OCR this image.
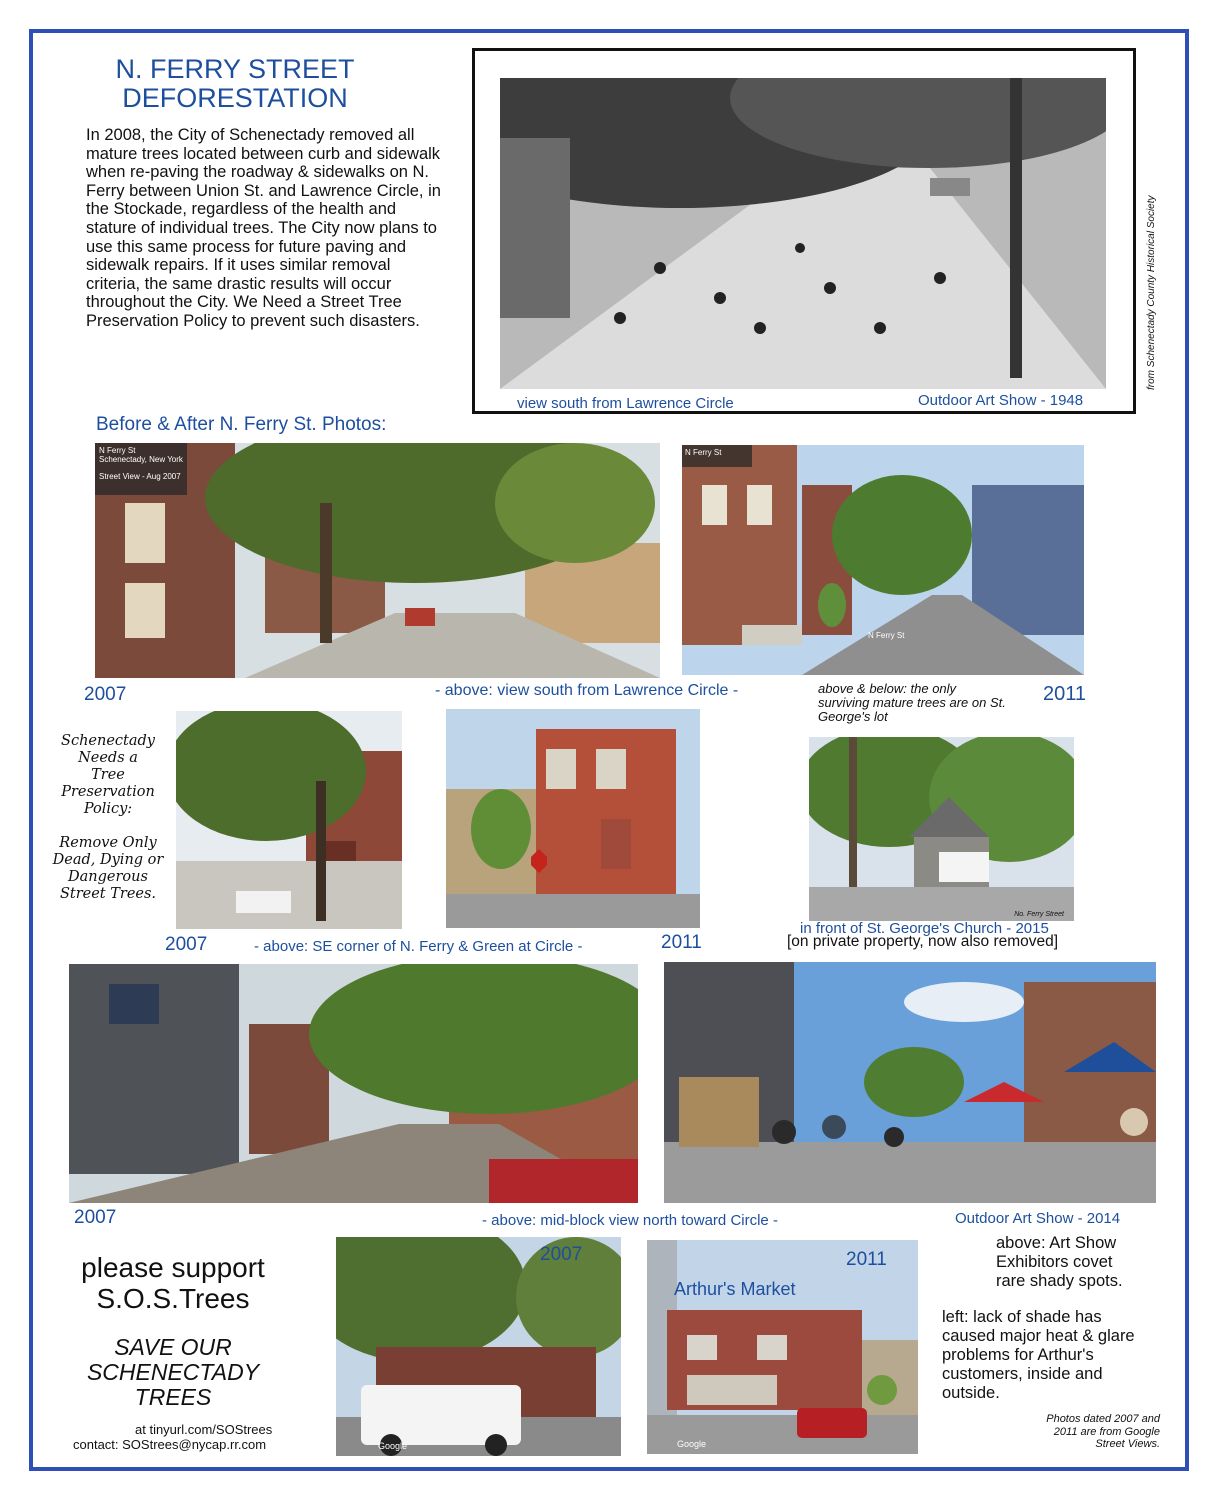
N. FERRY STREET
DEFORESTATION
In 2008, the City of Schenectady removed all mature trees located between curb and sidewalk when re-paving the roadway & sidewalks on N. Ferry between Union St. and Lawrence Circle, in the Stockade, regardless of the health and stature of individual trees. The City now plans to use this same process for future paving and sidewalk repairs. If it uses similar removal criteria, the same drastic results will occur throughout the City. We Need a Street Tree Preservation Policy to prevent such disasters.
view south from Lawrence Circle	Outdoor Art Show - 1948
from Schenectady County Historical Society
Before & After N. Ferry St. Photos:
N Ferry St
Schenectady, New York
Street View - Aug 2007
N Ferry St
N Ferry St
2007	- above: view south from Lawrence Circle -	above & below: the only surviving mature trees are on St. George's lot
2011
Schenectady
Needs a
Tree
Preservation
Policy:
Remove Only
Dead, Dying or
Dangerous
Street Trees.
No. Ferry Street
2007	- above: SE corner of N. Ferry & Green at Circle -	2011
in front of St. George's Church - 2015
[on private property, now also removed]
2007	- above: mid-block view north toward Circle -	Outdoor Art Show - 2014
please support
S.O.S.Trees
SAVE OUR
SCHENECTADY
TREES
at tinyurl.com/SOStrees
contact: SOStrees@nycap.rr.com	Google
2007
Google
2011
Arthur's Market
above: Art Show Exhibitors covet rare shady spots.
left: lack of shade has caused major heat & glare problems for Arthur's customers, inside and outside.
Photos dated 2007 and 2011 are from Google Street Views.
